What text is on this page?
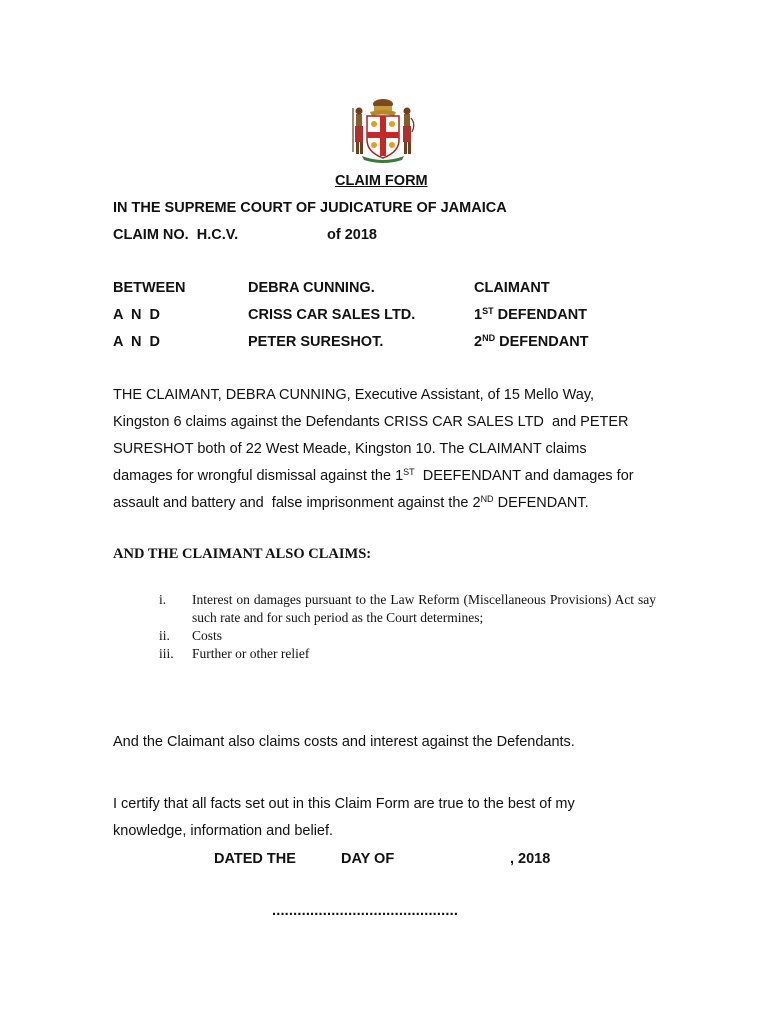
CLAIM FORM
IN THE SUPREME COURT OF JUDICATURE OF JAMAICA
CLAIM NO.  H.C.V.	of 2018
BETWEEN	DEBRA CUNNING.	CLAIMANT
A  N  D	CRISS CAR SALES LTD.	1ST DEFENDANT
A  N  D	PETER SURESHOT.	2ND DEFENDANT
THE CLAIMANT, DEBRA CUNNING, Executive Assistant, of 15 Mello Way,
Kingston 6 claims against the Defendants CRISS CAR SALES LTD  and PETER
SURESHOT both of 22 West Meade, Kingston 10. The CLAIMANT claims
damages for wrongful dismissal against the 1ST  DEEFENDANT and damages for
assault and battery and  false imprisonment against the 2ND DEFENDANT.
AND THE CLAIMANT ALSO CLAIMS:
i. Interest on damages pursuant to the Law Reform (Miscellaneous Provisions) Act say such rate and for such period as the Court determines;
ii. Costs
iii. Further or other relief
And the Claimant also claims costs and interest against the Defendants.
I certify that all facts set out in this Claim Form are true to the best of my
knowledge, information and belief.
DATED THE	DAY OF	, 2018
............................................
